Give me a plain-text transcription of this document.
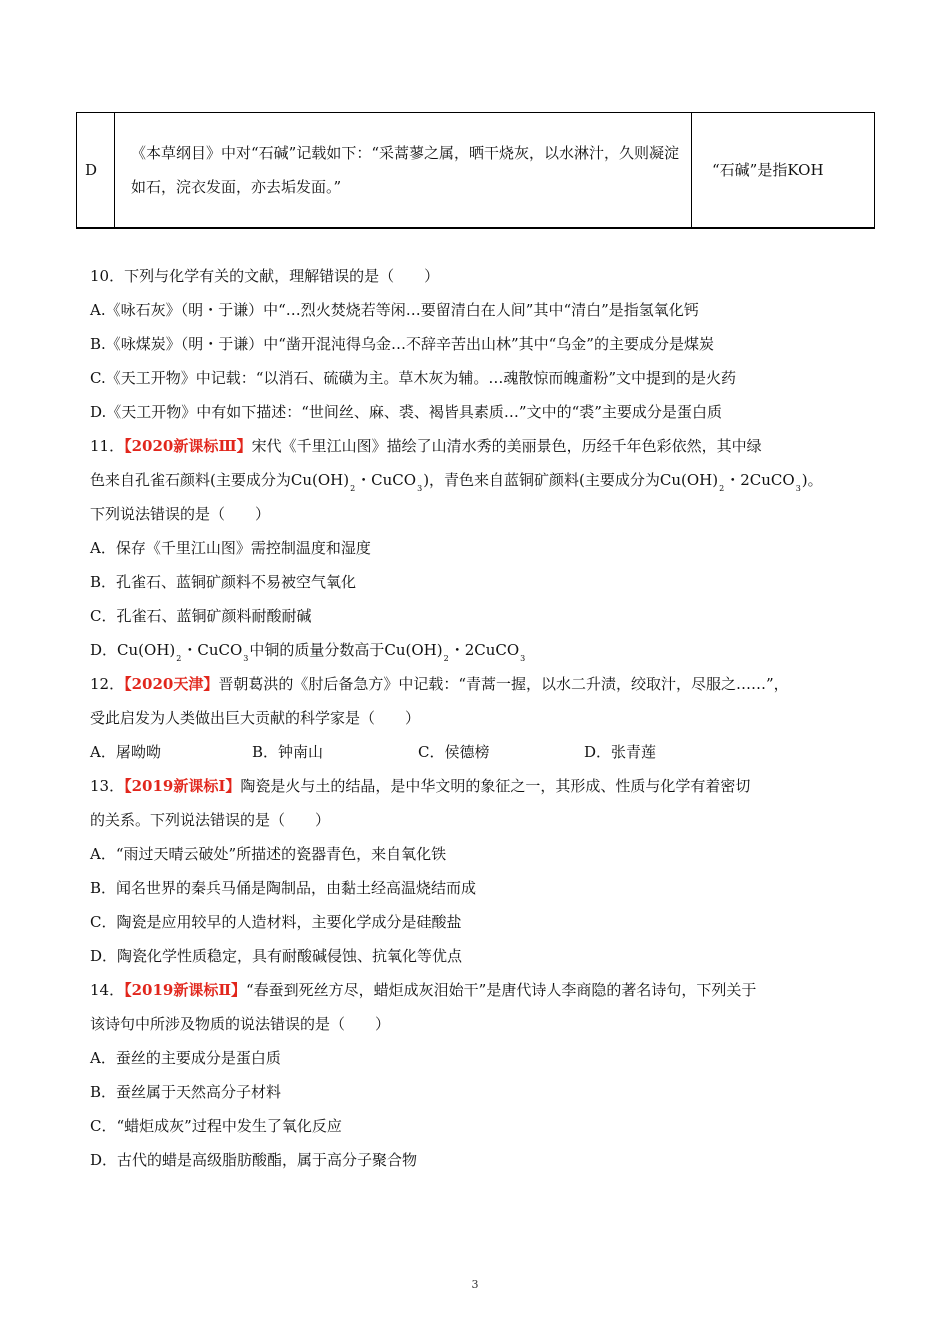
D	《本草纲目》中对“石碱”记载如下：“采蒿蓼之属，晒干烧灰，以水淋汁，久则凝淀如石，浣衣发面，亦去垢发面。”	“石碱”是指KOH
10．下列与化学有关的文献，理解错误的是（　　）
A.《咏石灰》（明・于谦）中“…烈火焚烧若等闲…要留清白在人间”其中“清白”是指氢氧化钙
B.《咏煤炭》（明・于谦）中“凿开混沌得乌金…不辞辛苦出山林”其中“乌金”的主要成分是煤炭
C.《天工开物》中记载：“以消石、硫磺为主。草木灰为辅。…魂散惊而魄齑粉”文中提到的是火药
D.《天工开物》中有如下描述：“世间丝、麻、裘、褐皆具素质…”文中的“裘”主要成分是蛋白质
11．【2020新课标Ⅲ】宋代《千里江山图》描绘了山清水秀的美丽景色，历经千年色彩依然，其中绿
色来自孔雀石颜料(主要成分为$Cu(OH)_2$・CuCO$_3$)，青色来自蓝铜矿颜料(主要成分为$Cu(OH)_2$・2CuCO$_3$)。
下列说法错误的是（　　）
A．保存《千里江山图》需控制温度和湿度
B．孔雀石、蓝铜矿颜料不易被空气氧化
C．孔雀石、蓝铜矿颜料耐酸耐碱
D．$Cu(OH)_2$・CuCO$_3$中铜的质量分数高于$Cu(OH)_2$・2CuCO$_3$
12．【2020天津】晋朝葛洪的《肘后备急方》中记载：“青蒿一握，以水二升渍，绞取汁，尽服之……”，
受此启发为人类做出巨大贡献的科学家是（　　）
A．屠呦呦	B．钟南山	C．侯德榜	D．张青莲
13．【2019新课标Ⅰ】陶瓷是火与土的结晶，是中华文明的象征之一，其形成、性质与化学有着密切
的关系。下列说法错误的是（　　）
A．“雨过天晴云破处”所描述的瓷器青色，来自氧化铁
B．闻名世界的秦兵马俑是陶制品，由黏土经高温烧结而成
C．陶瓷是应用较早的人造材料，主要化学成分是硅酸盐
D．陶瓷化学性质稳定，具有耐酸碱侵蚀、抗氧化等优点
14．【2019新课标Ⅱ】“春蚕到死丝方尽，蜡炬成灰泪始干”是唐代诗人李商隐的著名诗句，下列关于
该诗句中所涉及物质的说法错误的是（　　）
A．蚕丝的主要成分是蛋白质
B．蚕丝属于天然高分子材料
C．“蜡炬成灰”过程中发生了氧化反应
D．古代的蜡是高级脂肪酸酯，属于高分子聚合物
3
